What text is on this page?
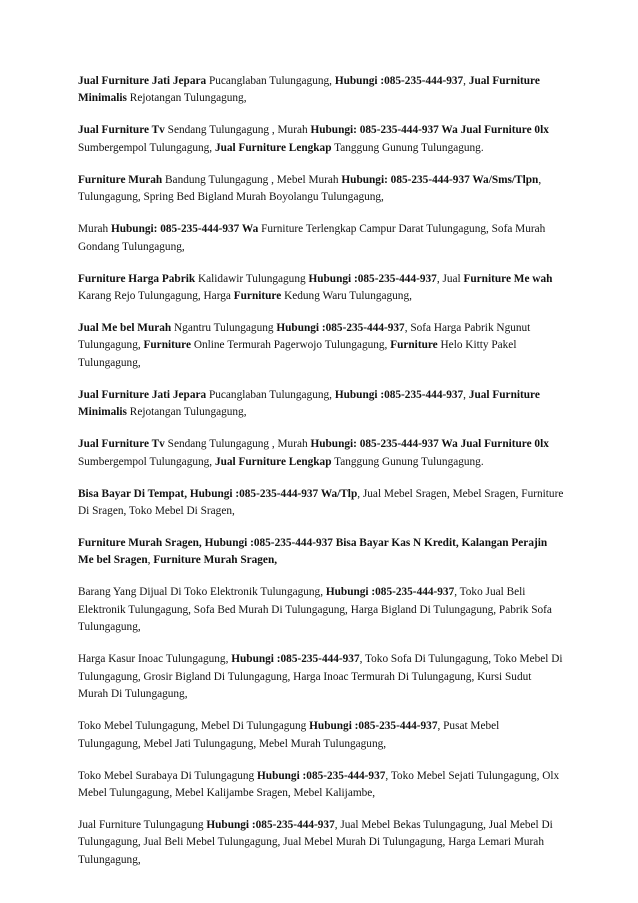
Jual Furniture Jati Jepara Pucanglaban Tulungagung, Hubungi :085-235-444-937, Jual Furniture Minimalis Rejotangan Tulungagung,

Jual Furniture Tv Sendang Tulungagung , Murah Hubungi: 085-235-444-937 Wa Jual Furniture 0lx Sumbergempol Tulungagung, Jual Furniture Lengkap Tanggung Gunung Tulungagung.

Furniture Murah Bandung Tulungagung , Mebel Murah Hubungi: 085-235-444-937 Wa/Sms/Tlpn, Tulungagung, Spring Bed Bigland Murah Boyolangu Tulungagung,

Murah Hubungi: 085-235-444-937 Wa Furniture Terlengkap Campur Darat Tulungagung, Sofa Murah Gondang Tulungagung,

Furniture Harga Pabrik Kalidawir Tulungagung Hubungi :085-235-444-937, Jual Furniture Me wah Karang Rejo Tulungagung, Harga Furniture Kedung Waru Tulungagung,

Jual Me bel Murah Ngantru Tulungagung Hubungi :085-235-444-937, Sofa Harga Pabrik Ngunut Tulungagung, Furniture Online Termurah Pagerwojo Tulungagung, Furniture Helo Kitty Pakel Tulungagung,

Jual Furniture Jati Jepara Pucanglaban Tulungagung, Hubungi :085-235-444-937, Jual Furniture Minimalis Rejotangan Tulungagung,

Jual Furniture Tv Sendang Tulungagung , Murah Hubungi: 085-235-444-937 Wa Jual Furniture 0lx Sumbergempol Tulungagung, Jual Furniture Lengkap Tanggung Gunung Tulungagung.

Bisa Bayar Di Tempat, Hubungi :085-235-444-937 Wa/Tlp, Jual Mebel Sragen, Mebel Sragen, Furniture Di Sragen, Toko Mebel Di Sragen,

Furniture Murah Sragen, Hubungi :085-235-444-937 Bisa Bayar Kas N Kredit, Kalangan Perajin Me bel Sragen, Furniture Murah Sragen,

Barang Yang Dijual Di Toko Elektronik Tulungagung, Hubungi :085-235-444-937, Toko Jual Beli Elektronik Tulungagung, Sofa Bed Murah Di Tulungagung, Harga Bigland Di Tulungagung, Pabrik Sofa Tulungagung,

Harga Kasur Inoac Tulungagung, Hubungi :085-235-444-937, Toko Sofa Di Tulungagung, Toko Mebel Di Tulungagung, Grosir Bigland Di Tulungagung, Harga Inoac Termurah Di Tulungagung, Kursi Sudut Murah Di Tulungagung,

Toko Mebel Tulungagung, Mebel Di Tulungagung Hubungi :085-235-444-937, Pusat Mebel Tulungagung, Mebel Jati Tulungagung, Mebel Murah Tulungagung,

Toko Mebel Surabaya Di Tulungagung Hubungi :085-235-444-937, Toko Mebel Sejati Tulungagung, Olx Mebel Tulungagung, Mebel Kalijambe Sragen, Mebel Kalijambe,

Jual Furniture Tulungagung Hubungi :085-235-444-937, Jual Mebel Bekas Tulungagung, Jual Mebel Di Tulungagung, Jual Beli Mebel Tulungagung, Jual Mebel Murah Di Tulungagung, Harga Lemari Murah Tulungagung,
